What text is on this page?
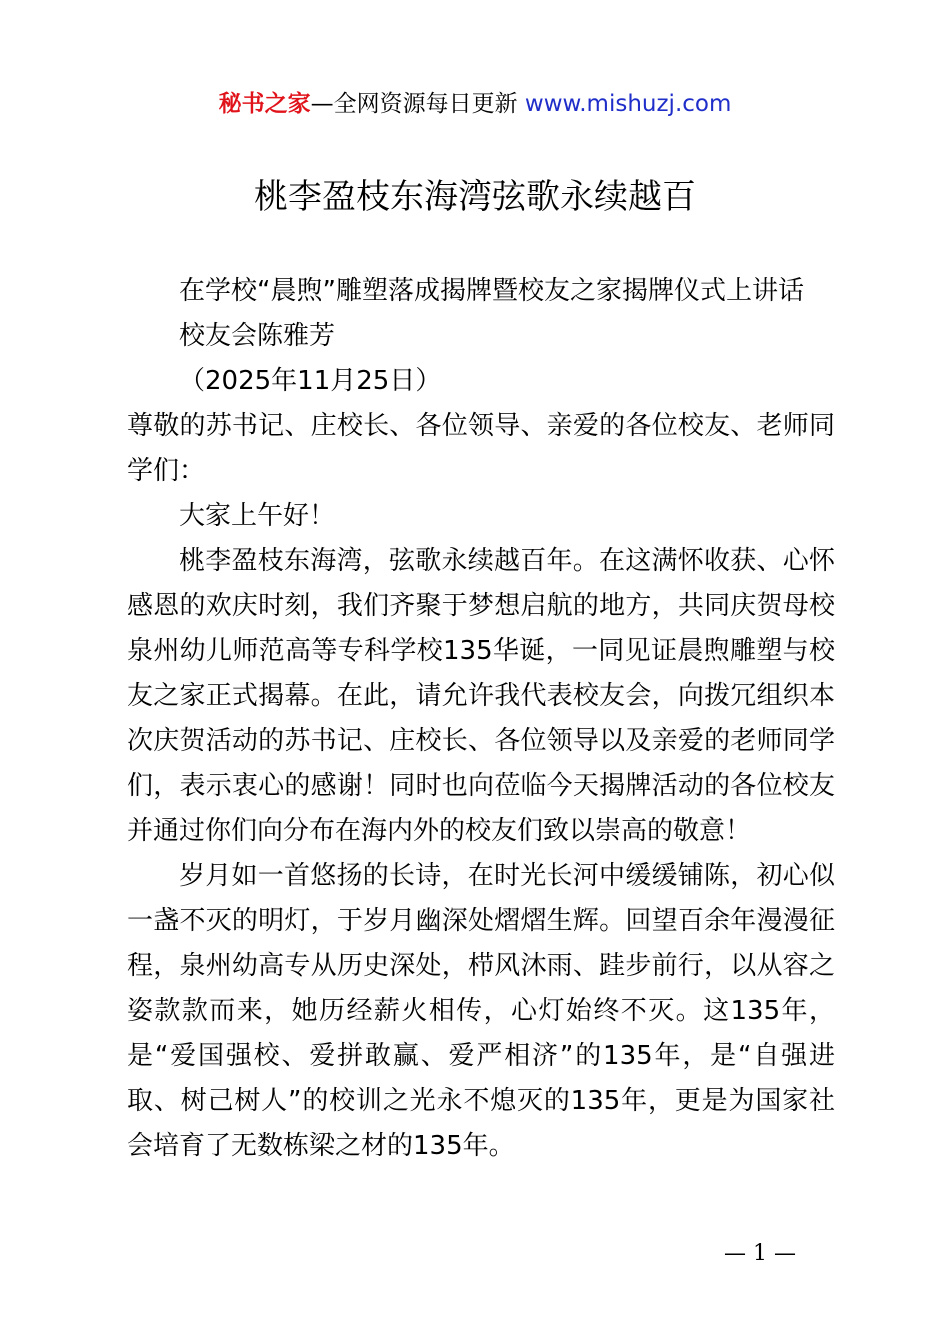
秘书之家—全网资源每日更新 www.mishuzj.com
桃李盈枝东海湾弦歌永续越百

在学校“晨煦”雕塑落成揭牌暨校友之家揭牌仪式上讲话

校友会陈雅芳

（2025年11月25日）

尊敬的苏书记、庄校长、各位领导、亲爱的各位校友、老师同学们：

大家上午好！

桃李盈枝东海湾，弦歌永续越百年。在这满怀收获、心怀感恩的欢庆时刻，我们齐聚于梦想启航的地方，共同庆贺母校泉州幼儿师范高等专科学校135华诞，一同见证晨煦雕塑与校友之家正式揭幕。在此，请允许我代表校友会，向拨冗组织本次庆贺活动的苏书记、庄校长、各位领导以及亲爱的老师同学们，表示衷心的感谢！同时也向莅临今天揭牌活动的各位校友并通过你们向分布在海内外的校友们致以崇高的敬意！

岁月如一首悠扬的长诗，在时光长河中缓缓铺陈，初心似一盏不灭的明灯，于岁月幽深处熠熠生辉。回望百余年漫漫征程，泉州幼高专从历史深处，栉风沐雨、跬步前行，以从容之姿款款而来，她历经薪火相传，心灯始终不灭。这135年，是“爱国强校、爱拼敢赢、爱严相济”的135年，是“自强进取、树己树人”的校训之光永不熄灭的135年，更是为国家社会培育了无数栋梁之材的135年。

— 1 —
